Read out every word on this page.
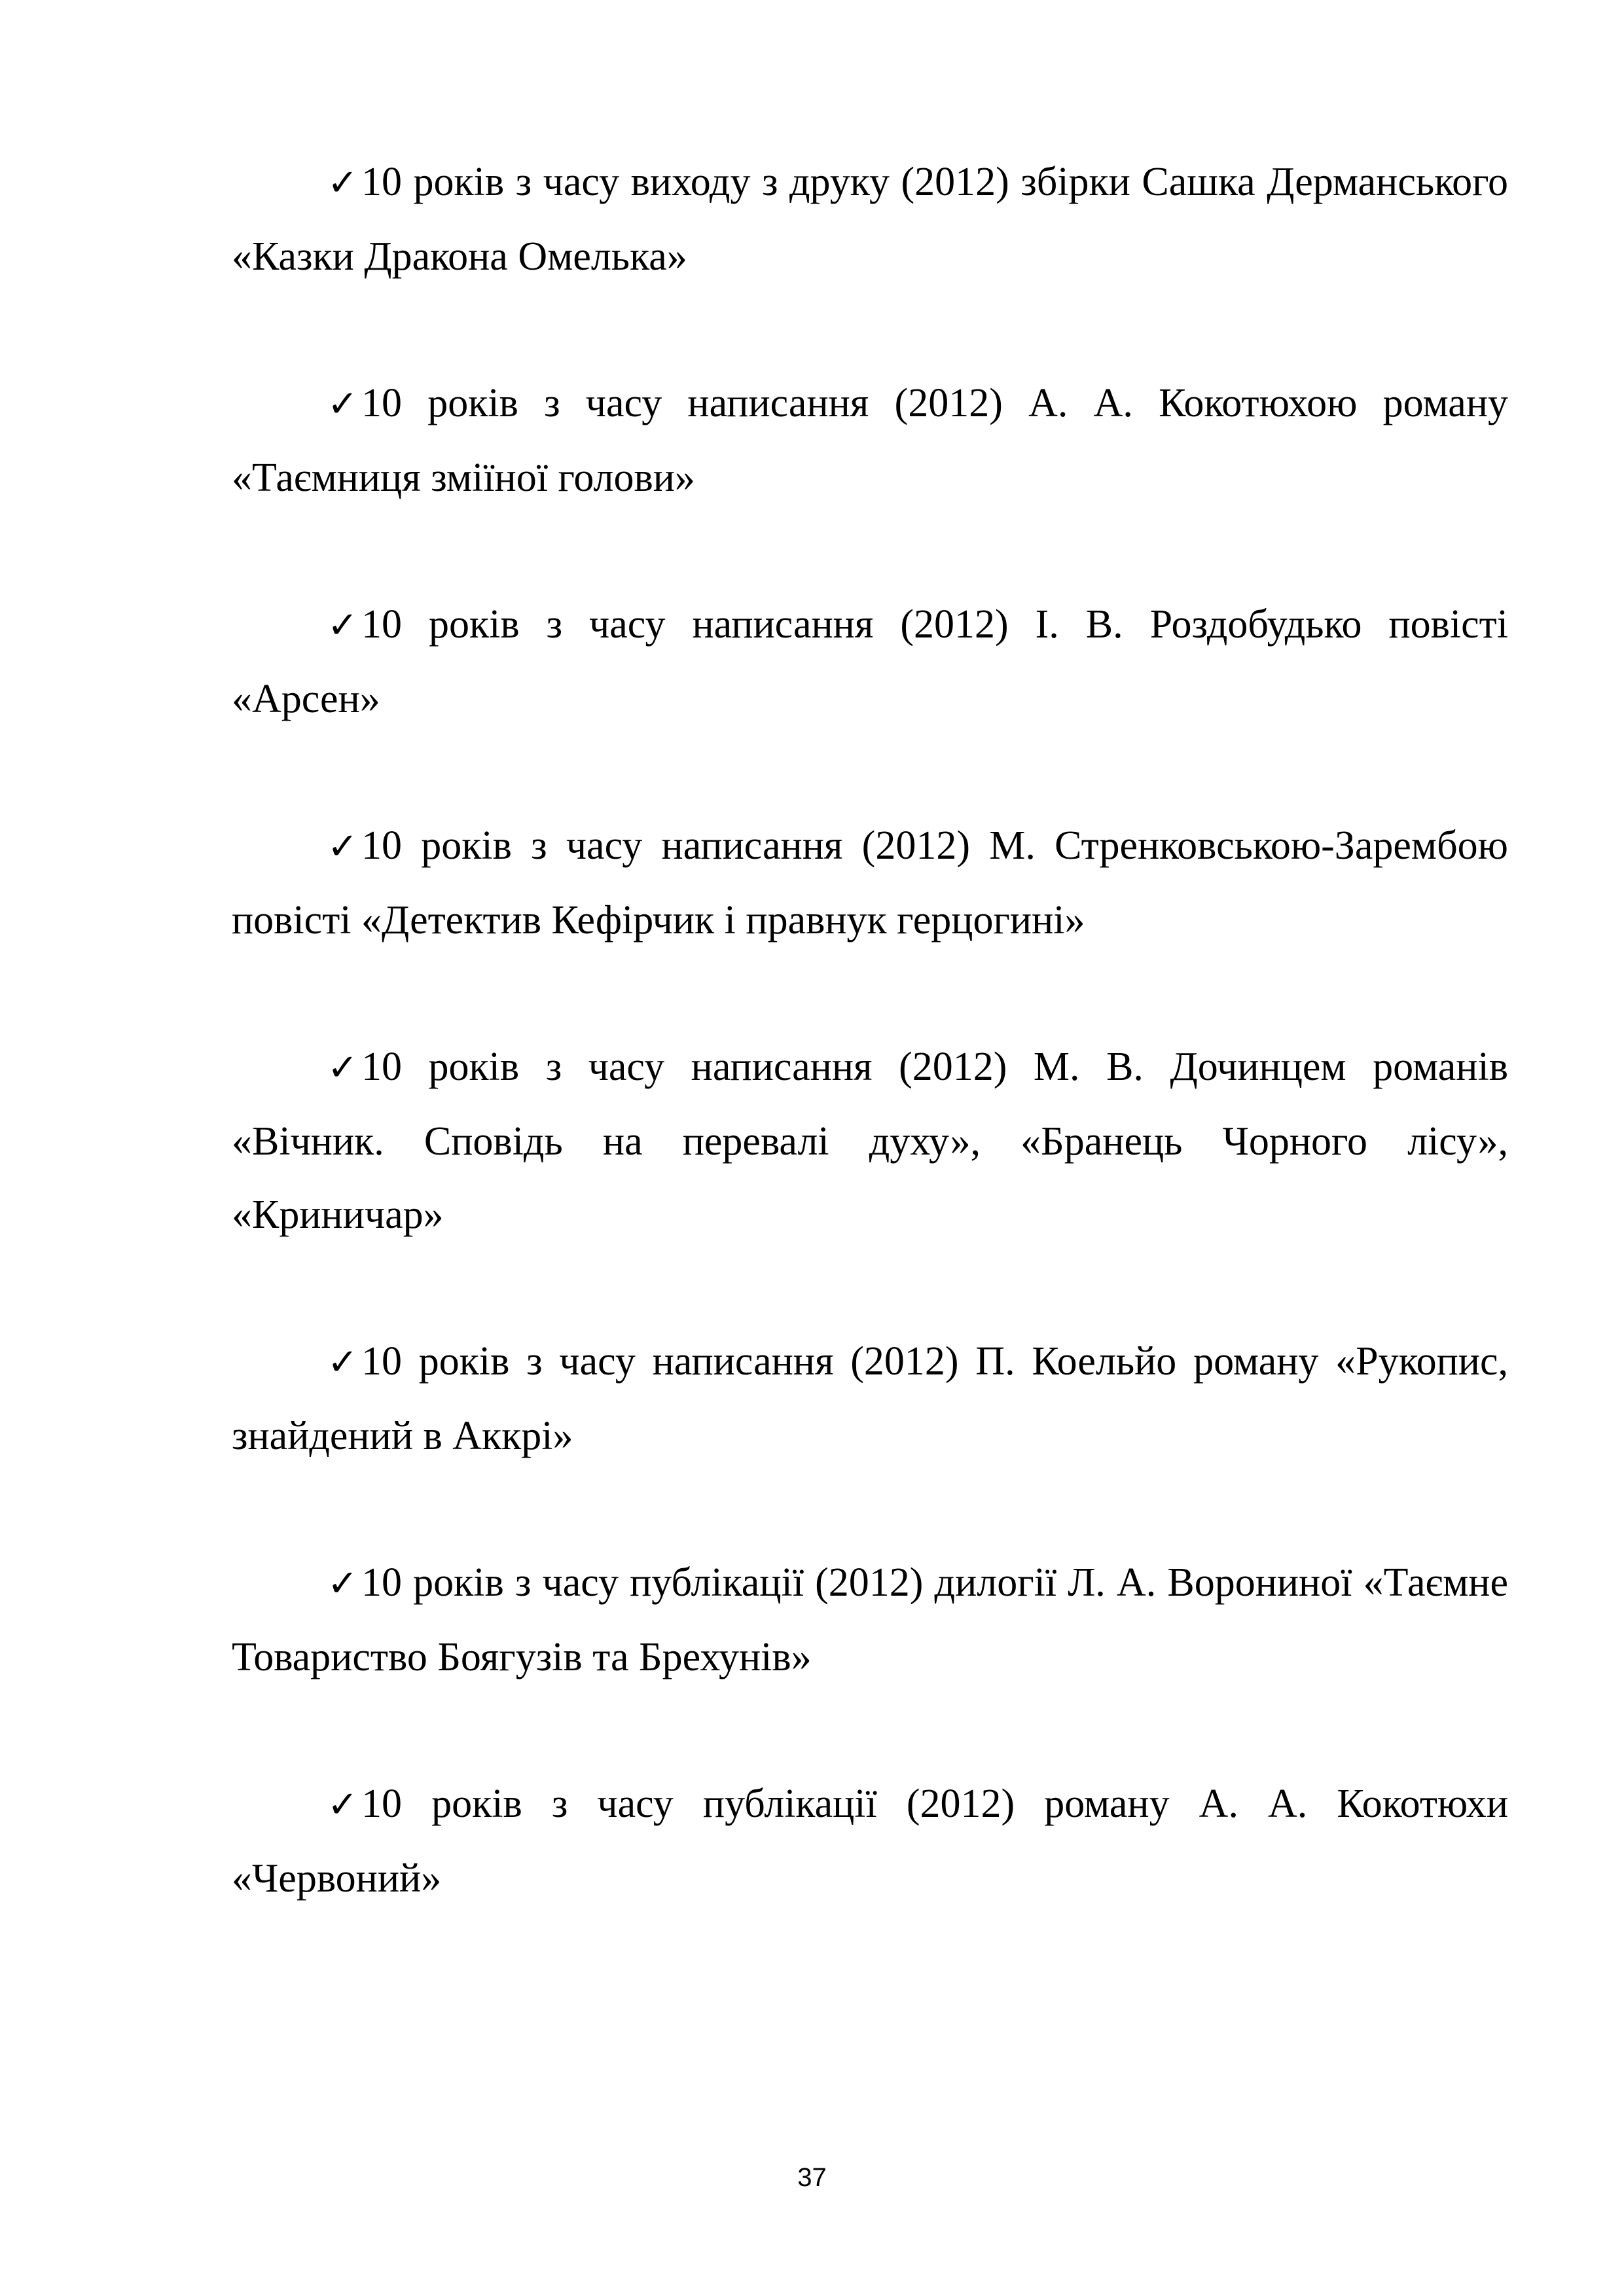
✓10 років з часу виходу з друку (2012) збірки Сашка Дерманського «Казки Дракона Омелька»

✓10 років з часу написання (2012) А. А. Кокотюхою роману «Таємниця зміїної голови»

✓10 років з часу написання (2012) І. В. Роздобудько повісті «Арсен»

✓10 років з часу написання (2012) М. Стренковською-Зарембою повісті «Детектив Кефірчик і правнук герцогині»

✓10 років з часу написання (2012) М. В. Дочинцем романів «Вічник. Сповідь на перевалі духу», «Бранець Чорного лісу», «Криничар»

✓10 років з часу написання (2012) П. Коельйо роману «Рукопис, знайдений в Аккрі»

✓10 років з часу публікації (2012) дилогії Л. А. Ворониної «Таємне Товариство Боягузів та Брехунів»

✓10 років з часу публікації (2012) роману А. А. Кокотюхи «Червоний»

37
